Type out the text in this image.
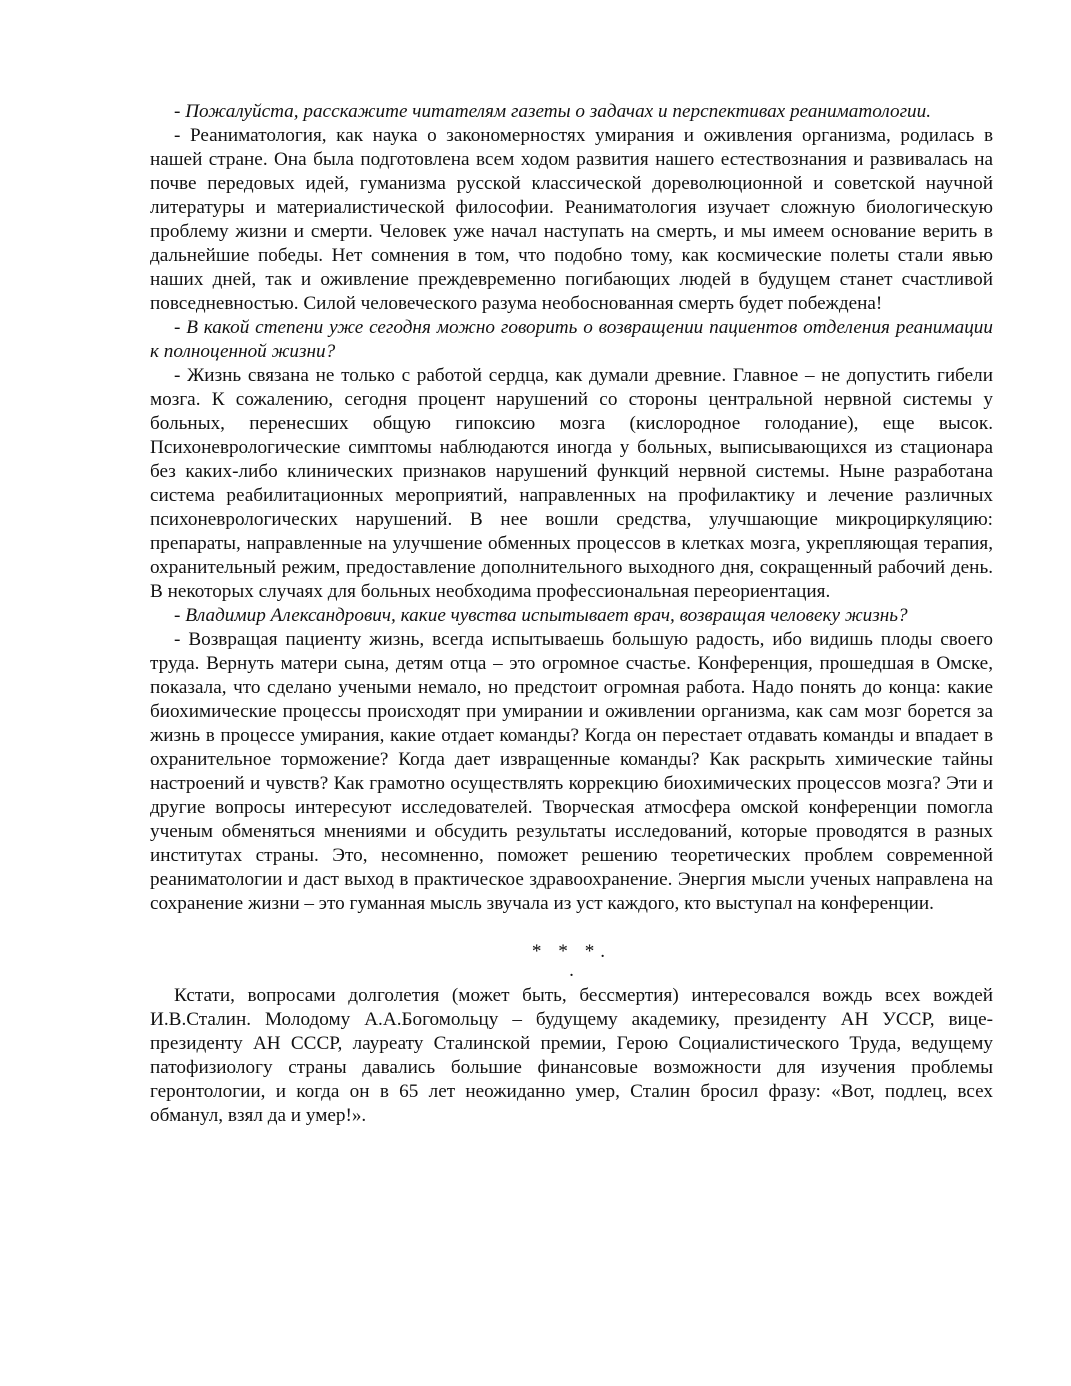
- Пожалуйста, расскажите читателям газеты о задачах и перспективах реаниматологии.

- Реаниматология, как наука о закономерностях умирания и оживления организма, родилась в нашей стране. Она была подготовлена всем ходом развития нашего естествознания и развивалась на почве передовых идей, гуманизма русской классической дореволюционной и советской научной литературы и материалистической философии. Реаниматология изучает сложную биологическую проблему жизни и смерти. Человек уже начал наступать на смерть, и мы имеем основание верить в дальнейшие победы. Нет сомнения в том, что подобно тому, как космические полеты стали явью наших дней, так и оживление преждевременно погибающих людей в будущем станет счастливой повседневностью. Силой человеческого разума необоснованная смерть будет побеждена!

- В какой степени уже сегодня можно говорить о возвращении пациентов отделения реанимации к полноценной жизни?

- Жизнь связана не только с работой сердца, как думали древние. Главное – не допустить гибели мозга. К сожалению, сегодня процент нарушений со стороны центральной нервной системы у больных, перенесших общую гипоксию мозга (кислородное голодание), еще высок. Психоневрологические симптомы наблюдаются иногда у больных, выписывающихся из стационара без каких-либо клинических признаков нарушений функций нервной системы. Ныне разработана система реабилитационных мероприятий, направленных на профилактику и лечение различных психоневрологических нарушений. В нее вошли средства, улучшающие микроциркуляцию: препараты, направленные на улучшение обменных процессов в клетках мозга, укрепляющая терапия, охранительный режим, предоставление дополнительного выходного дня, сокращенный рабочий день. В некоторых случаях для больных необходима профессиональная переориентация.

- Владимир Александрович, какие чувства испытывает врач, возвращая человеку жизнь?

- Возвращая пациенту жизнь, всегда испытываешь большую радость, ибо видишь плоды своего труда. Вернуть матери сына, детям отца – это огромное счастье. Конференция, прошедшая в Омске, показала, что сделано учеными немало, но предстоит огромная работа. Надо понять до конца: какие биохимические процессы происходят при умирании и оживлении организма, как сам мозг борется за жизнь в процессе умирания, какие отдает команды? Когда он перестает отдавать команды и впадает в охранительное торможение? Когда дает извращенные команды? Как раскрыть химические тайны настроений и чувств? Как грамотно осуществлять коррекцию биохимических процессов мозга? Эти и другие вопросы интересуют исследователей. Творческая атмосфера омской конференции помогла ученым обменяться мнениями и обсудить результаты исследований, которые проводятся в разных институтах страны. Это, несомненно, поможет решению теоретических проблем современной реаниматологии и даст выход в практическое здравоохранение. Энергия мысли ученых направлена на сохранение жизни – это гуманная мысль звучала из уст каждого, кто выступал на конференции.

* * *.
.

Кстати, вопросами долголетия (может быть, бессмертия) интересовался вождь всех вождей И.В.Сталин. Молодому А.А.Богомольцу – будущему академику, президенту АН УССР, вице-президенту АН СССР, лауреату Сталинской премии, Герою Социалистического Труда, ведущему патофизиологу страны давались большие финансовые возможности для изучения проблемы геронтологии, и когда он в 65 лет неожиданно умер, Сталин бросил фразу: «Вот, подлец, всех обманул, взял да и умер!».
